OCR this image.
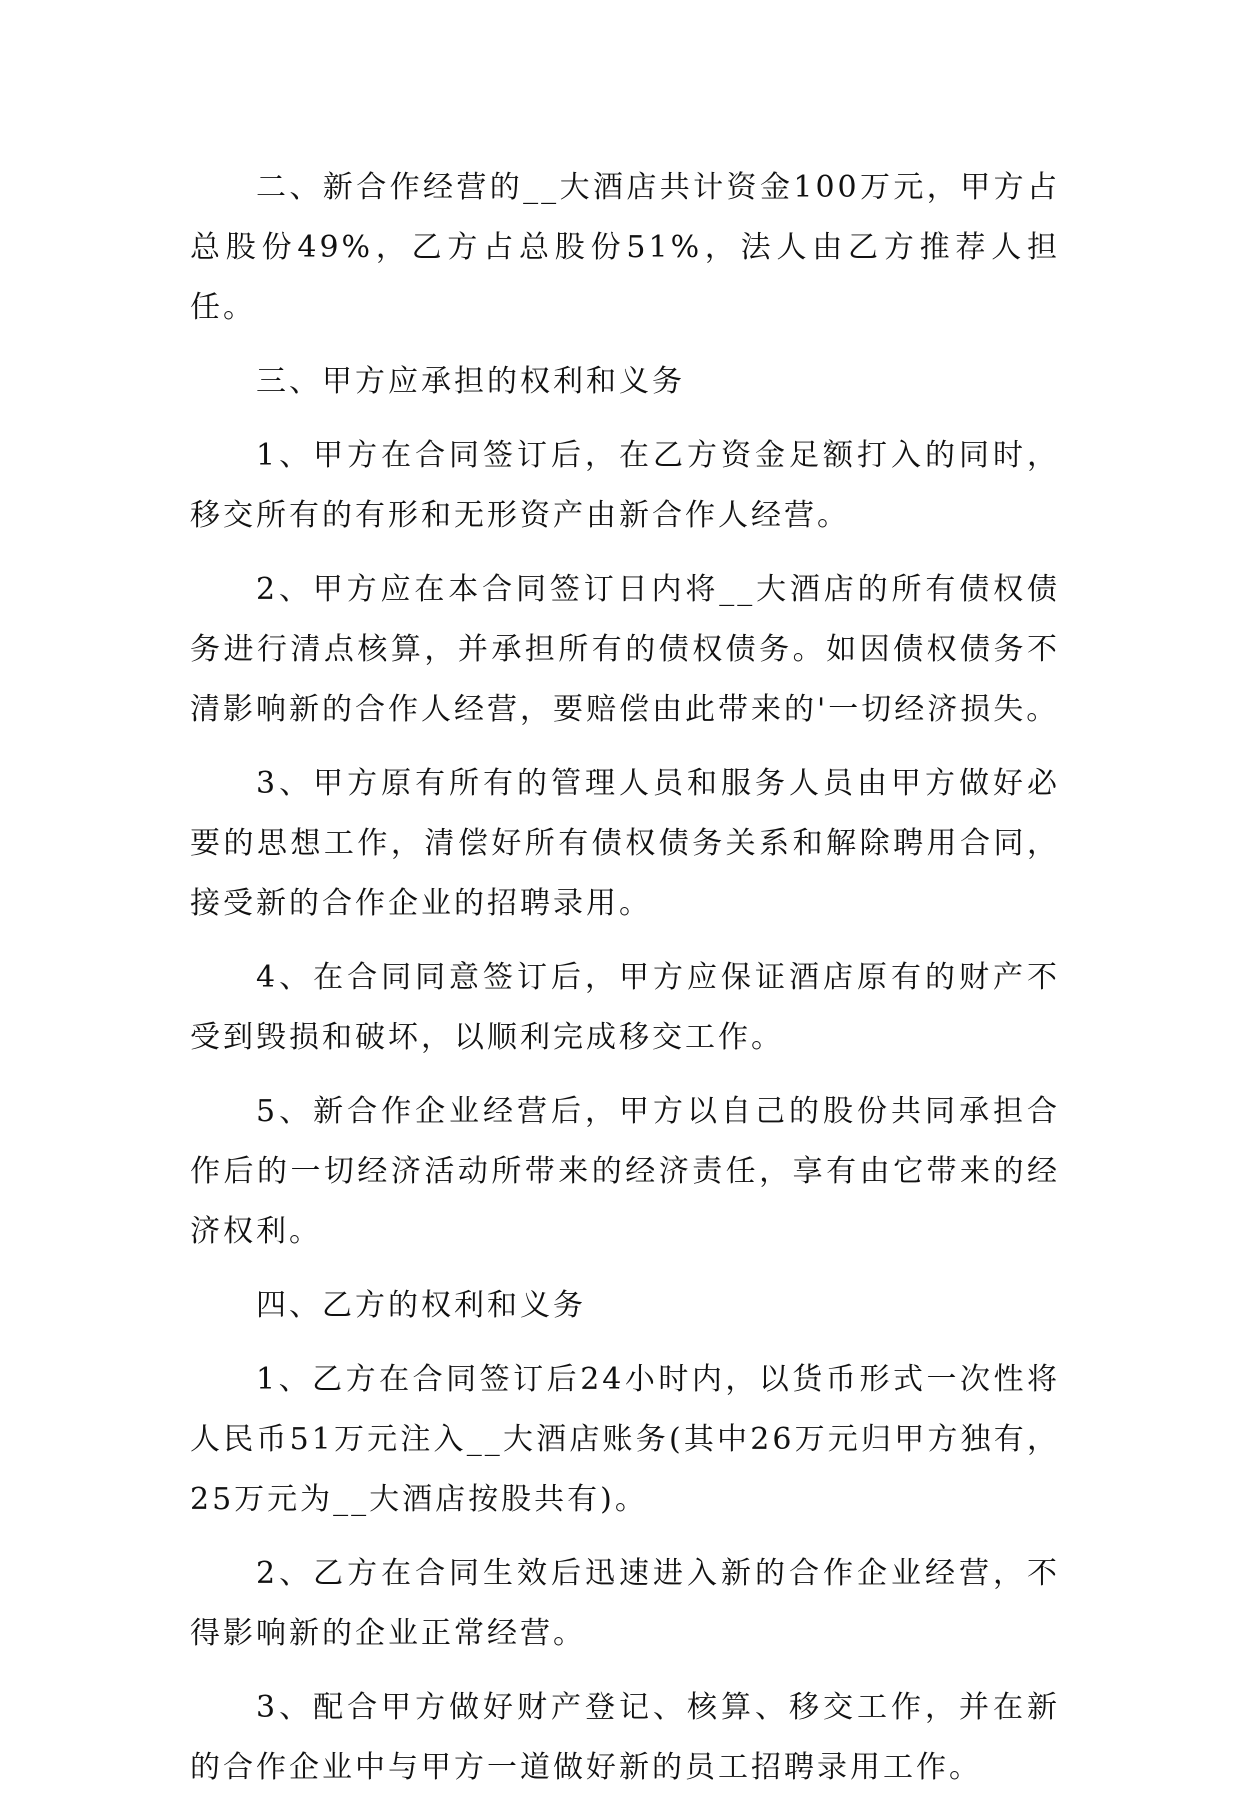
二、新合作经营的__大酒店共计资金100万元，甲方占总股份49%，乙方占总股份51%，法人由乙方推荐人担任。

三、甲方应承担的权利和义务

1、甲方在合同签订后，在乙方资金足额打入的同时，移交所有的有形和无形资产由新合作人经营。

2、甲方应在本合同签订日内将__大酒店的所有债权债务进行清点核算，并承担所有的债权债务。如因债权债务不清影响新的合作人经营，要赔偿由此带来的'一切经济损失。

3、甲方原有所有的管理人员和服务人员由甲方做好必要的思想工作，清偿好所有债权债务关系和解除聘用合同，接受新的合作企业的招聘录用。

4、在合同同意签订后，甲方应保证酒店原有的财产不受到毁损和破坏，以顺利完成移交工作。

5、新合作企业经营后，甲方以自己的股份共同承担合作后的一切经济活动所带来的经济责任，享有由它带来的经济权利。

四、乙方的权利和义务

1、乙方在合同签订后24小时内，以货币形式一次性将人民币51万元注入__大酒店账务(其中26万元归甲方独有，25万元为__大酒店按股共有)。

2、乙方在合同生效后迅速进入新的合作企业经营，不得影响新的企业正常经营。

3、配合甲方做好财产登记、核算、移交工作，并在新的合作企业中与甲方一道做好新的员工招聘录用工作。
